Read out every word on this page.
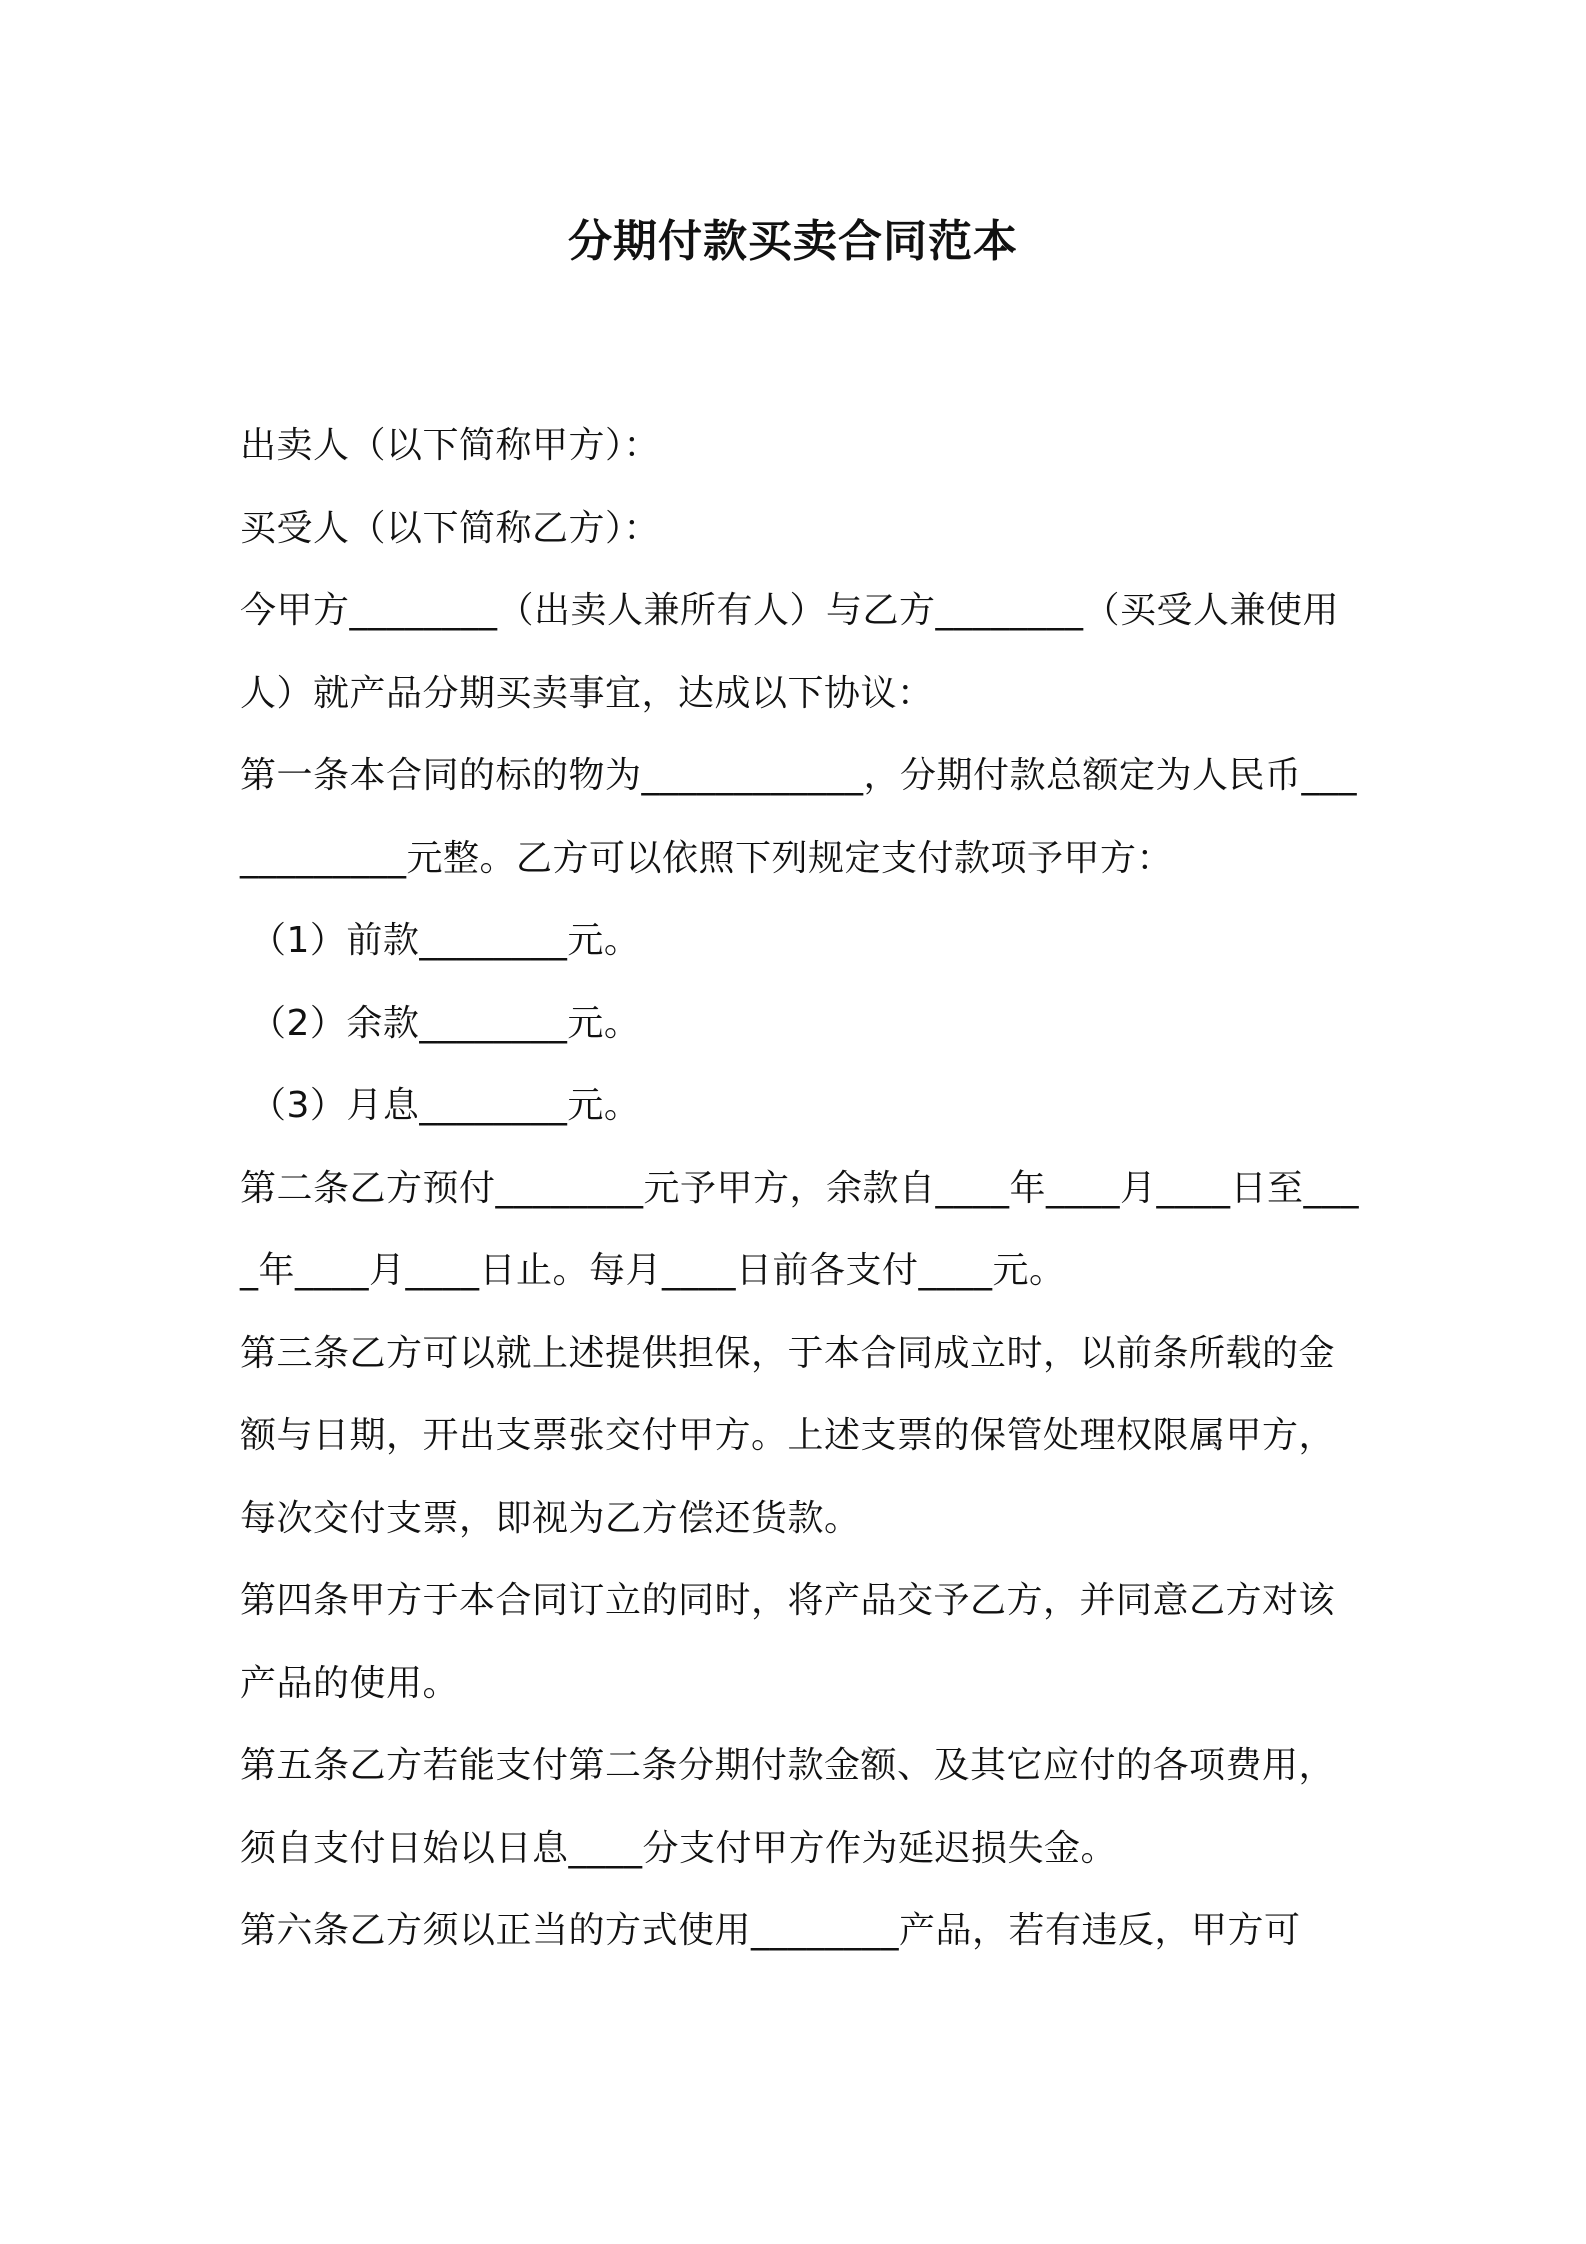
分期付款买卖合同范本

出卖人（以下简称甲方）：

买受人（以下简称乙方）：

今甲方________（出卖人兼所有人）与乙方________（买受人兼使用人）就产品分期买卖事宜，达成以下协议：

第一条本合同的标的物为____________，分期付款总额定为人民币____________元整。乙方可以依照下列规定支付款项予甲方：

（1）前款________元。

（2）余款________元。

（3）月息________元。

第二条乙方预付________元予甲方，余款自____年____月____日至____年____月____日止。每月____日前各支付____元。

第三条乙方可以就上述提供担保，于本合同成立时，以前条所载的金额与日期，开出支票张交付甲方。上述支票的保管处理权限属甲方，每次交付支票，即视为乙方偿还货款。

第四条甲方于本合同订立的同时，将产品交予乙方，并同意乙方对该产品的使用。

第五条乙方若能支付第二条分期付款金额、及其它应付的各项费用，须自支付日始以日息____分支付甲方作为延迟损失金。

第六条乙方须以正当的方式使用________产品，若有违反，甲方可
